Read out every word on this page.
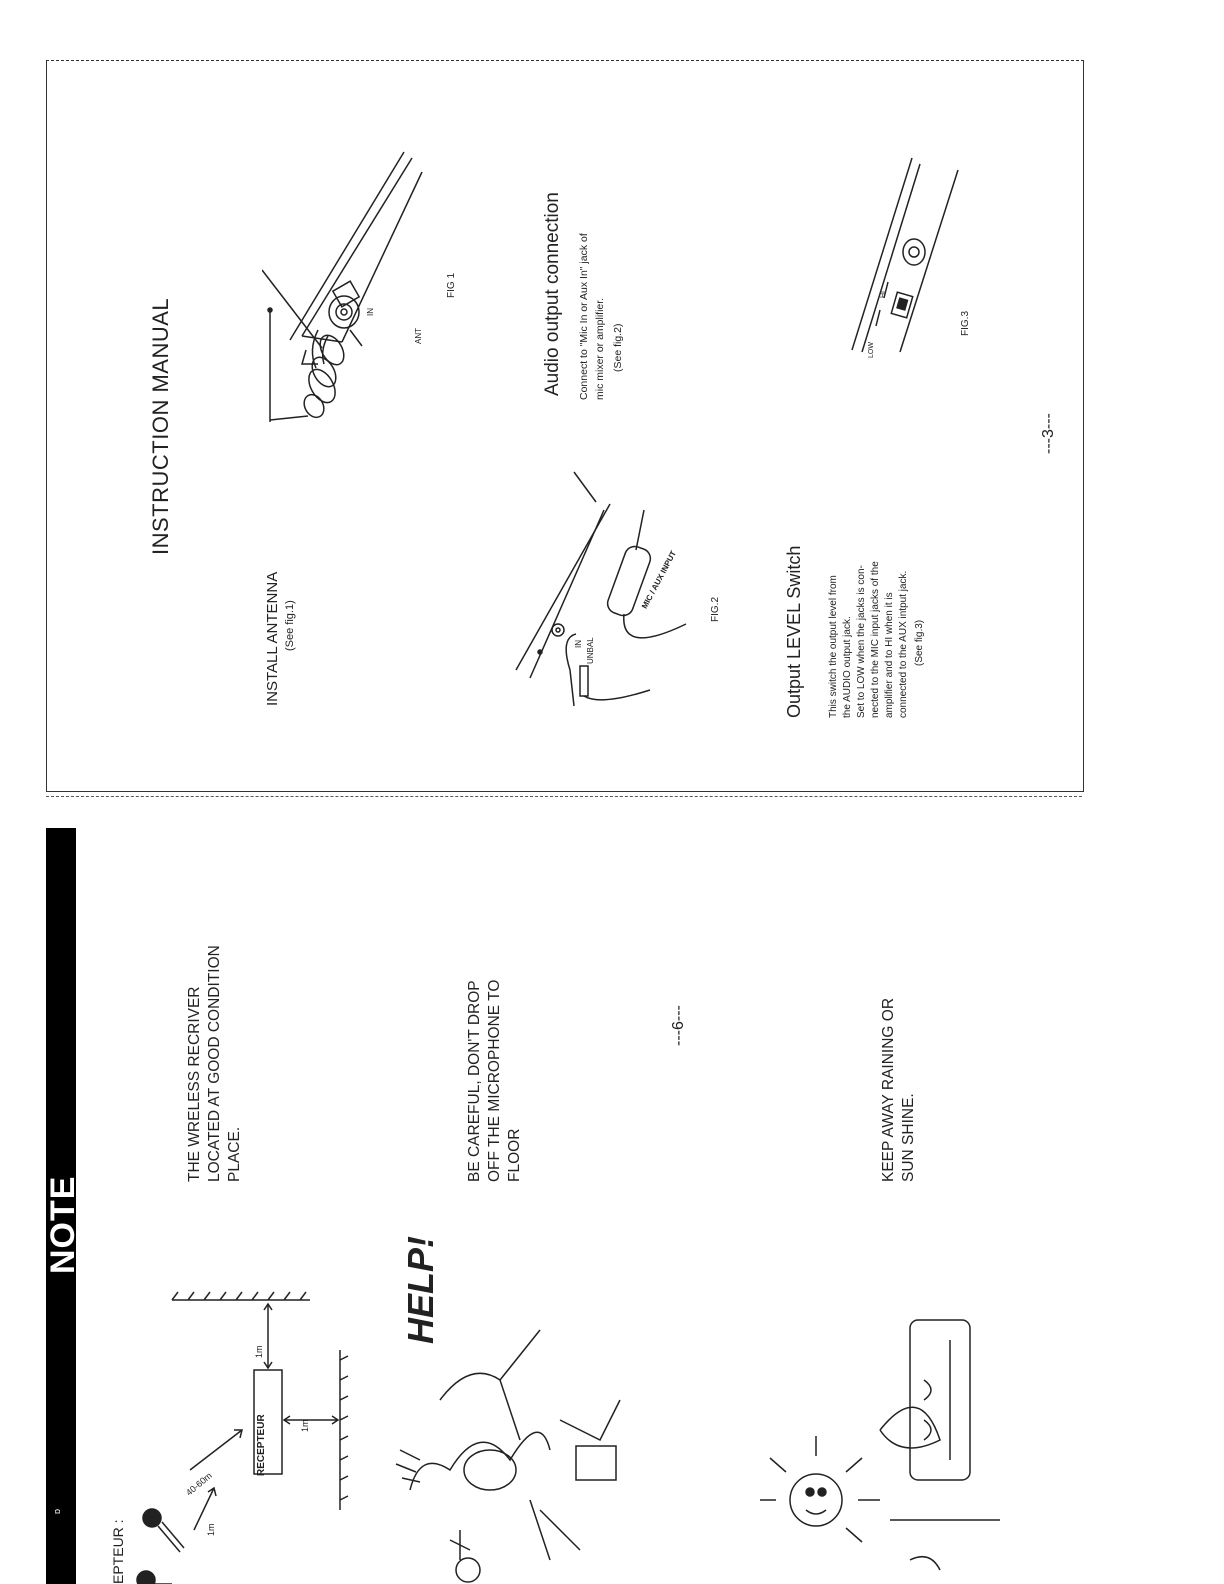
INSTRUCTION MANUAL
INSTALL ANTENNA (See fig.1)
IN
ANT
FIG 1	Audio output connection Connect to "Mic In or Aux In" jack of mic mixer or amplifier. (See fig.2)
IN UNBAL
MIC / AUX INPUT	FIG.2	Output LEVEL Switch This switch the output level from the AUDIO output jack. Set to LOW when the jacks is con- nected to the MIC input jacks of the amplifier and to HI when it is connected to the AUX intput jack. (See fig.3)
LOW
HI
FIG.3
---3---
NOTE
ɒ
EPTEUR :
THE WRELESS RECRIVER LOCATED AT GOOD CONDITION PLACE.	BE CAREFUL, DON'T DROP OFF THE MICROPHONE TO FLOOR	KEEP AWAY RAINING OR SUN SHINE.
RECEPTEUR
40-60m
1m
1m
1m
HELP!
---6---
